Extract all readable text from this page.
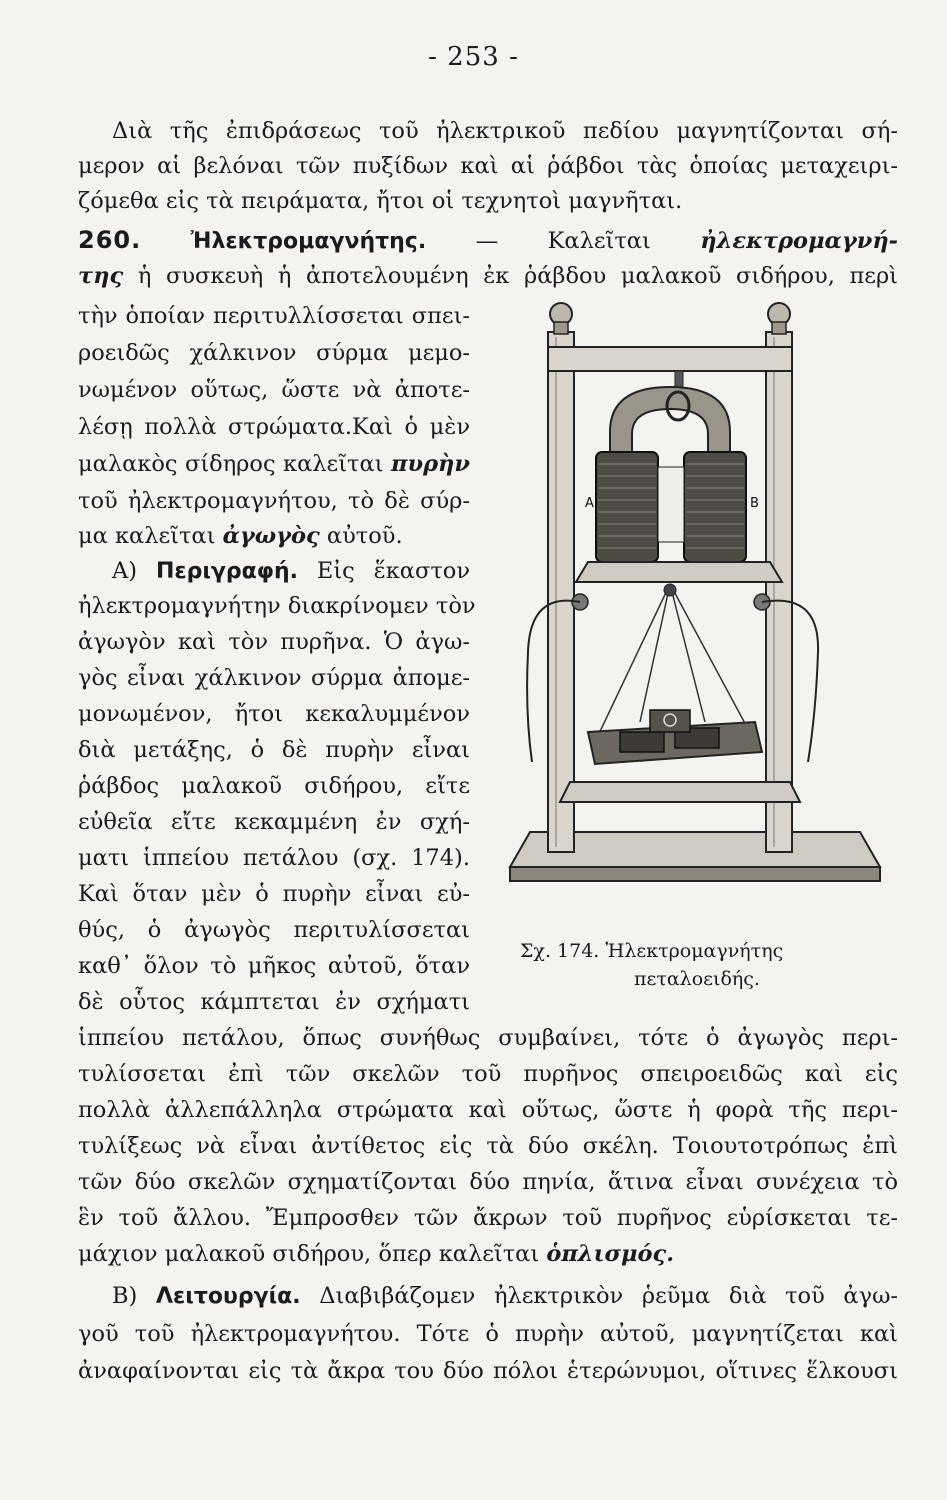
- 253 -
Διὰ τῆς ἐπιδράσεως τοῦ ἠλεκτρικοῦ πεδίου μαγνητίζονται σή-
μερον αἱ βελόναι τῶν πυξίδων καὶ αἱ ῥάβδοι τὰς ὁποίας μεταχειρι-
ζόμεθα εἰς τὰ πειράματα, ἤτοι οἱ τεχνητοὶ μαγνῆται.
260. Ἠλεκτρομαγνήτης. — Καλεῖται ἠλεκτρομαγνή-
της ἡ συσκευὴ ἡ ἀποτελουμένη ἐκ ῥάβδου μαλακοῦ σιδήρου, περὶ
τὴν ὁποίαν περιτυλλίσσεται σπει-
ροειδῶς χάλκινον σύρμα μεμο-
νωμένον οὕτως, ὥστε νὰ ἀποτε-
λέσῃ πολλὰ στρώματα.Καὶ ὁ μὲν
μαλακὸς σίδηρος καλεῖται πυρὴν
τοῦ ἠλεκτρομαγνήτου, τὸ δὲ σύρ-
μα καλεῖται ἀγωγὸς αὐτοῦ.
Α) Περιγραφή. Εἰς ἕκαστον
ἠλεκτρομαγνήτην διακρίνομεν τὸν
ἀγωγὸν καὶ τὸν πυρῆνα. Ὁ ἀγω-
γὸς εἶναι χάλκινον σύρμα ἀπομε-
μονωμένον, ἤτοι κεκαλυμμένον
διὰ μετάξης, ὁ δὲ πυρὴν εἶναι
ῥάβδος μαλακοῦ σιδήρου, εἴτε
εὐθεῖα εἴτε κεκαμμένη ἐν σχή-
ματι ἱππείου πετάλου (σχ. 174).
Καὶ ὅταν μὲν ὁ πυρὴν εἶναι εὐ-
θύς, ὁ ἀγωγὸς περιτυλίσσεται
καθ᾿ ὅλον τὸ μῆκος αὐτοῦ, ὅταν
δὲ οὗτος κάμπτεται ἐν σχήματι
ἱππείου πετάλου, ὅπως συνήθως συμβαίνει, τότε ὁ ἀγωγὸς περι-
τυλίσσεται ἐπὶ τῶν σκελῶν τοῦ πυρῆνος σπειροειδῶς καὶ εἰς
πολλὰ ἀλλεπάλληλα στρώματα καὶ οὕτως, ὥστε ἡ φορὰ τῆς περι-
τυλίξεως νὰ εἶναι ἀντίθετος εἰς τὰ δύο σκέλη. Τοιουτοτρόπως ἐπὶ
τῶν δύο σκελῶν σχηματίζονται δύο πηνία, ἅτινα εἶναι συνέχεια τὸ
ἓν τοῦ ἄλλου. Ἔμπροσθεν τῶν ἄκρων τοῦ πυρῆνος εὑρίσκεται τε-
μάχιον μαλακοῦ σιδήρου, ὅπερ καλεῖται ὁπλισμός.
Β) Λειτουργία. Διαβιβάζομεν ἠλεκτρικὸν ῥεῦμα διὰ τοῦ ἀγω-
γοῦ τοῦ ἠλεκτρομαγνήτου. Τότε ὁ πυρὴν αὐτοῦ, μαγνητίζεται καὶ
ἀναφαίνονται εἰς τὰ ἄκρα του δύο πόλοι ἑτερώνυμοι, οἵτινες ἕλκουσι
A	B
Σχ. 174. Ἠλεκτρομαγνήτης
πεταλοειδής.
